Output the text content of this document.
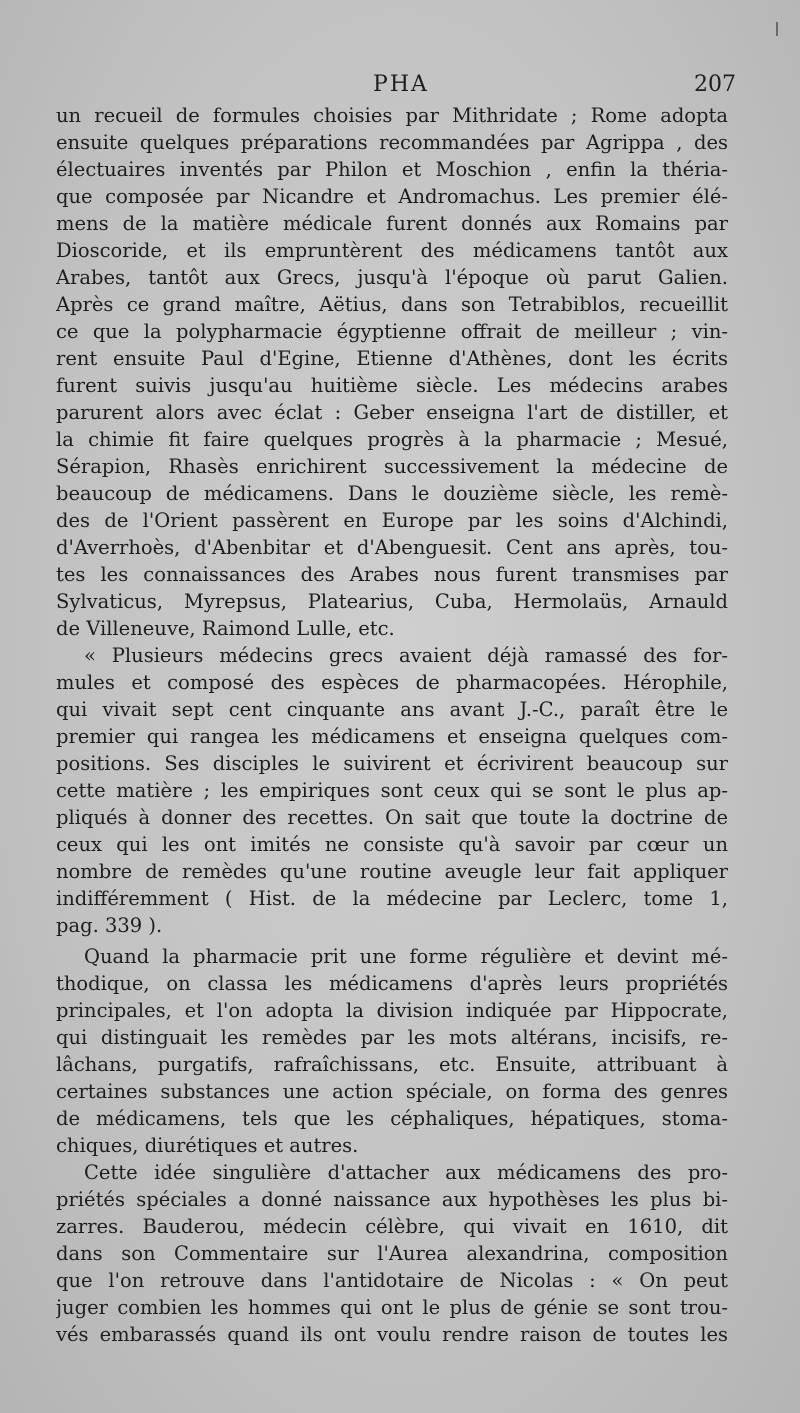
PHA	207
un recueil de formules choisies par Mithridate ; Rome adopta
ensuite quelques préparations recommandées par Agrippa , des
électuaires inventés par Philon et Moschion , enfin la théria-
que composée par Nicandre et Andromachus. Les premier élé-
mens de la matière médicale furent donnés aux Romains par
Dioscoride, et ils empruntèrent des médicamens tantôt aux
Arabes, tantôt aux Grecs, jusqu'à l'époque où parut Galien.
Après ce grand maître, Aëtius, dans son Tetrabiblos, recueillit
ce que la polypharmacie égyptienne offrait de meilleur ; vin-
rent ensuite Paul d'Egine, Etienne d'Athènes, dont les écrits
furent suivis jusqu'au huitième siècle. Les médecins arabes
parurent alors avec éclat : Geber enseigna l'art de distiller, et
la chimie fit faire quelques progrès à la pharmacie ; Mesué,
Sérapion, Rhasès enrichirent successivement la médecine de
beaucoup de médicamens. Dans le douzième siècle, les remè-
des de l'Orient passèrent en Europe par les soins d'Alchindi,
d'Averrhoès, d'Abenbitar et d'Abenguesit. Cent ans après, tou-
tes les connaissances des Arabes nous furent transmises par
Sylvaticus, Myrepsus, Platearius, Cuba, Hermolaüs, Arnauld
de Villeneuve, Raimond Lulle, etc.
« Plusieurs médecins grecs avaient déjà ramassé des for-
mules et composé des espèces de pharmacopées. Hérophile,
qui vivait sept cent cinquante ans avant J.-C., paraît être le
premier qui rangea les médicamens et enseigna quelques com-
positions. Ses disciples le suivirent et écrivirent beaucoup sur
cette matière ; les empiriques sont ceux qui se sont le plus ap-
pliqués à donner des recettes. On sait que toute la doctrine de
ceux qui les ont imités ne consiste qu'à savoir par cœur un
nombre de remèdes qu'une routine aveugle leur fait appliquer
indifféremment ( Hist. de la médecine par Leclerc, tome 1,
pag. 339 ).
Quand la pharmacie prit une forme régulière et devint mé-
thodique, on classa les médicamens d'après leurs propriétés
principales, et l'on adopta la division indiquée par Hippocrate,
qui distinguait les remèdes par les mots altérans, incisifs, re-
lâchans, purgatifs, rafraîchissans, etc. Ensuite, attribuant à
certaines substances une action spéciale, on forma des genres
de médicamens, tels que les céphaliques, hépatiques, stoma-
chiques, diurétiques et autres.
Cette idée singulière d'attacher aux médicamens des pro-
priétés spéciales a donné naissance aux hypothèses les plus bi-
zarres. Bauderou, médecin célèbre, qui vivait en 1610, dit
dans son Commentaire sur l'Aurea alexandrina, composition
que l'on retrouve dans l'antidotaire de Nicolas : « On peut
juger combien les hommes qui ont le plus de génie se sont trou-
vés embarassés quand ils ont voulu rendre raison de toutes les
